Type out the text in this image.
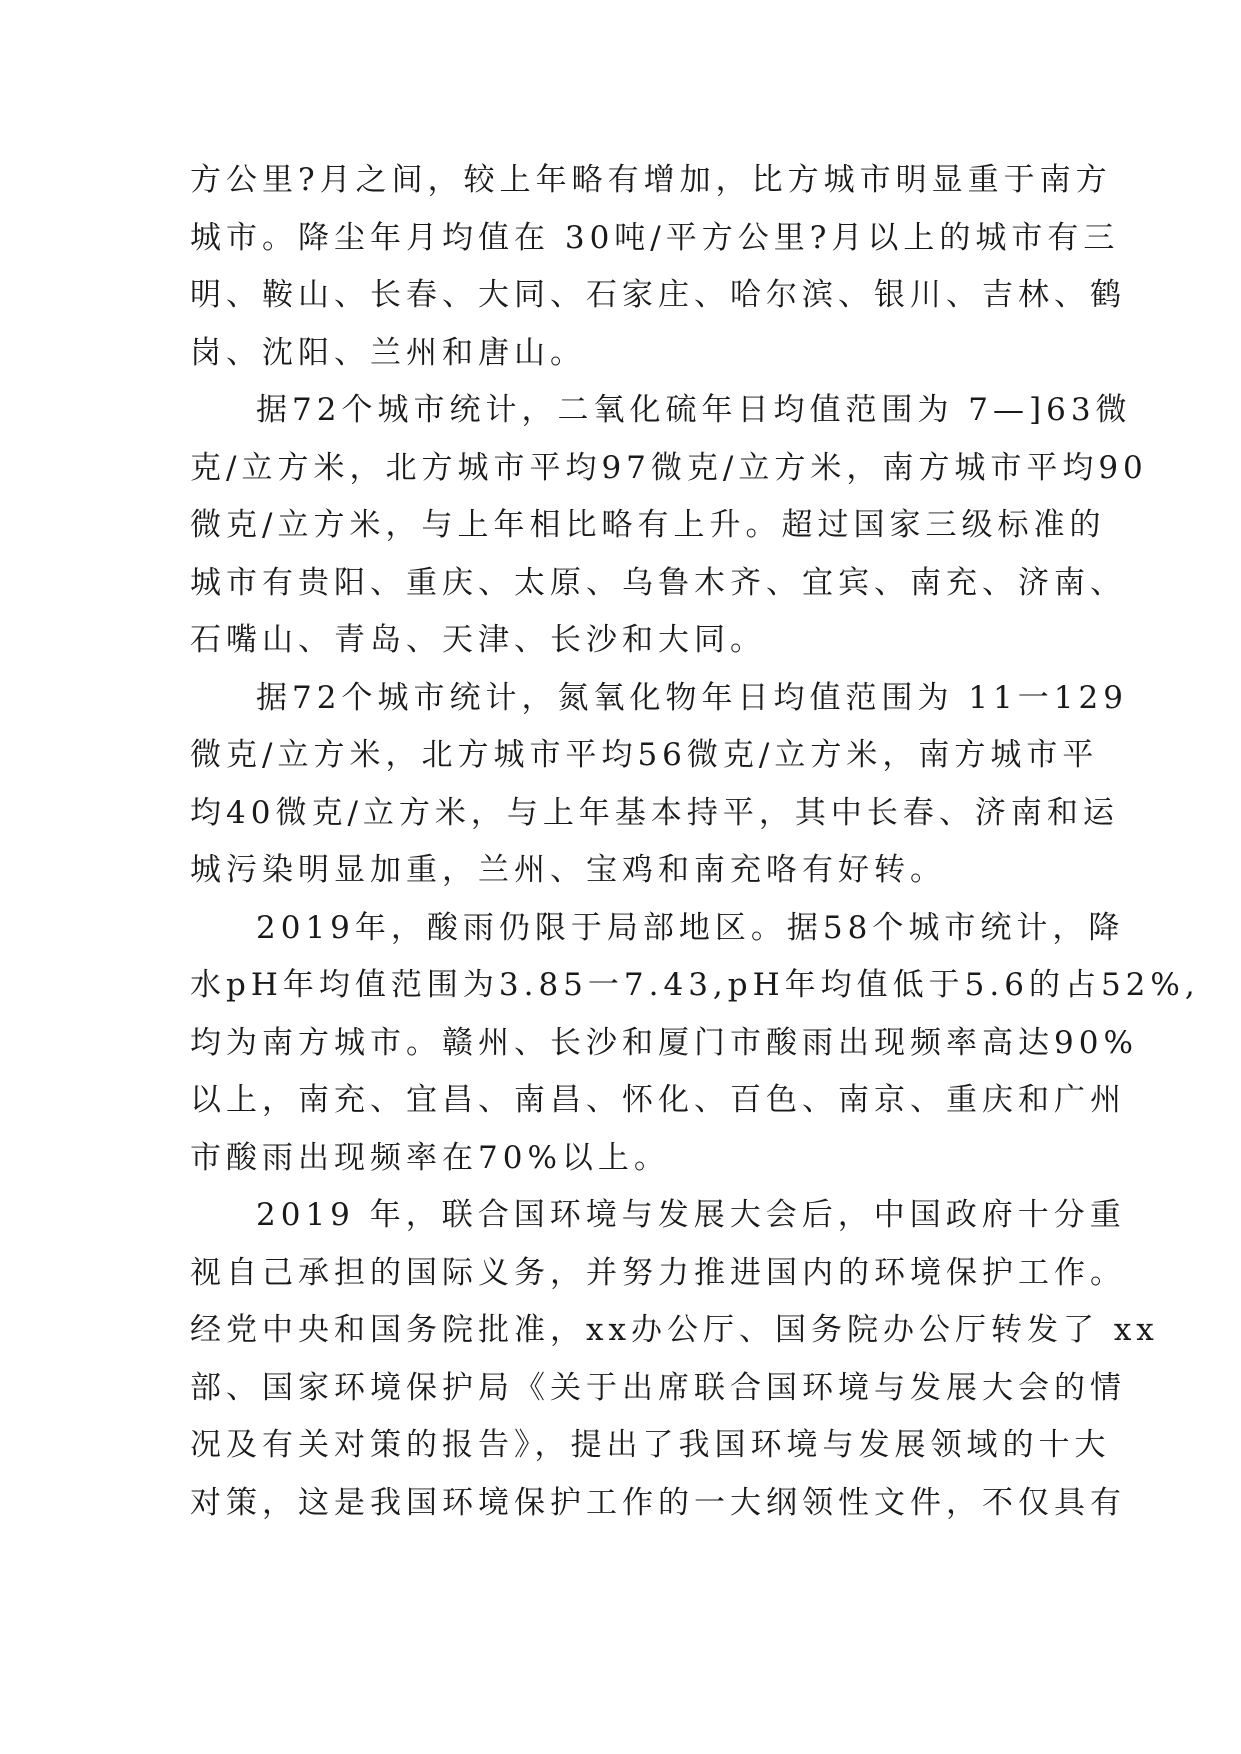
方公里?月之间，较上年略有增加，比方城市明显重于南方
城市。降尘年月均值在 30吨/平方公里?月以上的城市有三
明、鞍山、长春、大同、石家庄、哈尔滨、银川、吉林、鹤
岗、沈阳、兰州和唐山。
据72个城市统计，二氧化硫年日均值范围为 7—]63微
克/立方米，北方城市平均97微克/立方米，南方城市平均90
微克/立方米，与上年相比略有上升。超过国家三级标准的
城市有贵阳、重庆、太原、乌鲁木齐、宜宾、南充、济南、
石嘴山、青岛、天津、长沙和大同。
据72个城市统计，氮氧化物年日均值范围为 11一129
微克/立方米，北方城市平均56微克/立方米，南方城市平
均40微克/立方米，与上年基本持平，其中长春、济南和运
城污染明显加重，兰州、宝鸡和南充咯有好转。
2019年，酸雨仍限于局部地区。据58个城市统计，降
水pH年均值范围为3.85一7.43,pH年均值低于5.6的占52%,
均为南方城市。赣州、长沙和厦门市酸雨出现频率高达90%
以上，南充、宜昌、南昌、怀化、百色、南京、重庆和广州
市酸雨出现频率在70%以上。
2019 年，联合国环境与发展大会后，中国政府十分重
视自己承担的国际义务，并努力推进国内的环境保护工作。
经党中央和国务院批准，xx办公厅、国务院办公厅转发了 xx
部、国家环境保护局《关于出席联合国环境与发展大会的情
况及有关对策的报告》，提出了我国环境与发展领域的十大
对策，这是我国环境保护工作的一大纲领性文件，不仅具有
